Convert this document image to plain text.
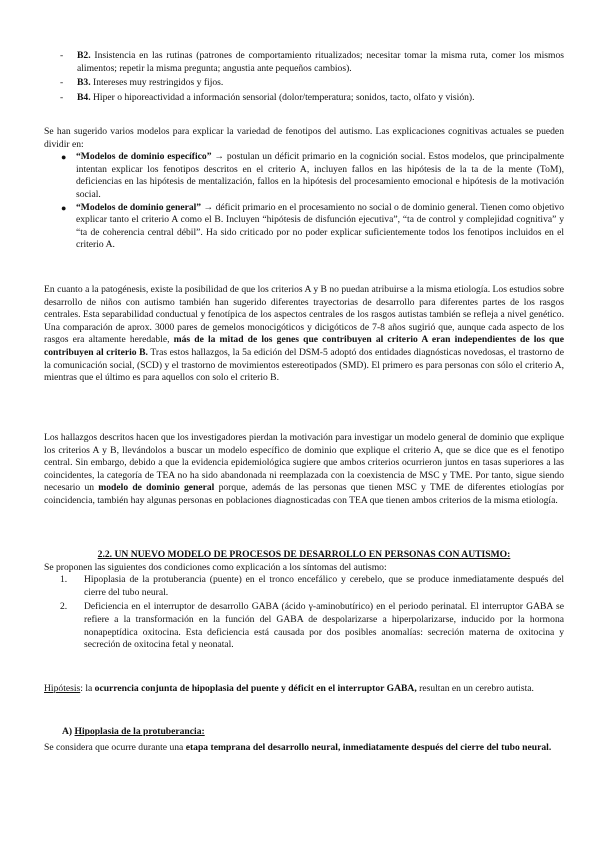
- B2. Insistencia en las rutinas (patrones de comportamiento ritualizados; necesitar tomar la misma ruta, comer los mismos alimentos; repetir la misma pregunta; angustia ante pequeños cambios).
- B3. Intereses muy restringidos y fijos.
- B4. Hiper o hiporeactividad a información sensorial (dolor/temperatura; sonidos, tacto, olfato y visión).

Se han sugerido varios modelos para explicar la variedad de fenotipos del autismo. Las explicaciones cognitivas actuales se pueden dividir en:

● “Modelos de dominio específico” → postulan un déficit primario en la cognición social. Estos modelos, que principalmente intentan explicar los fenotipos descritos en el criterio A, incluyen fallos en las hipótesis de la ta de la mente (ToM), deficiencias en las hipótesis de mentalización, fallos en la hipótesis del procesamiento emocional e hipótesis de la motivación social.
● “Modelos de dominio general” → déficit primario en el procesamiento no social o de dominio general. Tienen como objetivo explicar tanto el criterio A como el B. Incluyen “hipótesis de disfunción ejecutiva”, “ta de control y complejidad cognitiva” y “ta de coherencia central débil”. Ha sido criticado por no poder explicar suficientemente todos los fenotipos incluidos en el criterio A.

En cuanto a la patogénesis, existe la posibilidad de que los criterios A y B no puedan atribuirse a la misma etiología. Los estudios sobre desarrollo de niños con autismo también han sugerido diferentes trayectorias de desarrollo para diferentes partes de los rasgos centrales. Esta separabilidad conductual y fenotípica de los aspectos centrales de los rasgos autistas también se refleja a nivel genético. Una comparación de aprox. 3000 pares de gemelos monocigóticos y dicigóticos de 7-8 años sugirió que, aunque cada aspecto de los rasgos era altamente heredable, más de la mitad de los genes que contribuyen al criterio A eran independientes de los que contribuyen al criterio B. Tras estos hallazgos, la 5a edición del DSM-5 adoptó dos entidades diagnósticas novedosas, el trastorno de la comunicación social, (SCD) y el trastorno de movimientos estereotipados (SMD). El primero es para personas con sólo el criterio A, mientras que el último es para aquellos con solo el criterio B.

Los hallazgos descritos hacen que los investigadores pierdan la motivación para investigar un modelo general de dominio que explique los criterios A y B, llevándolos a buscar un modelo específico de dominio que explique el criterio A, que se dice que es el fenotipo central. Sin embargo, debido a que la evidencia epidemiológica sugiere que ambos criterios ocurrieron juntos en tasas superiores a las coincidentes, la categoría de TEA no ha sido abandonada ni reemplazada con la coexistencia de MSC y TME. Por tanto, sigue siendo necesario un modelo de dominio general porque, además de las personas que tienen MSC y TME de diferentes etiologías por coincidencia, también hay algunas personas en poblaciones diagnosticadas con TEA que tienen ambos criterios de la misma etiología.

2.2. UN NUEVO MODELO DE PROCESOS DE DESARROLLO EN PERSONAS CON AUTISMO:

Se proponen las siguientes dos condiciones como explicación a los síntomas del autismo:

1. Hipoplasia de la protuberancia (puente) en el tronco encefálico y cerebelo, que se produce inmediatamente después del cierre del tubo neural.
2. Deficiencia en el interruptor de desarrollo GABA (ácido γ-aminobutírico) en el periodo perinatal. El interruptor GABA se refiere a la transformación en la función del GABA de despolarizarse a hiperpolarizarse, inducido por la hormona nonapeptídica oxitocina. Esta deficiencia está causada por dos posibles anomalías: secreción materna de oxitocina y secreción de oxitocina fetal y neonatal.

Hipótesis: la ocurrencia conjunta de hipoplasia del puente y déficit en el interruptor GABA, resultan en un cerebro autista.

A) Hipoplasia de la protuberancia:

Se considera que ocurre durante una etapa temprana del desarrollo neural, inmediatamente después del cierre del tubo neural.
